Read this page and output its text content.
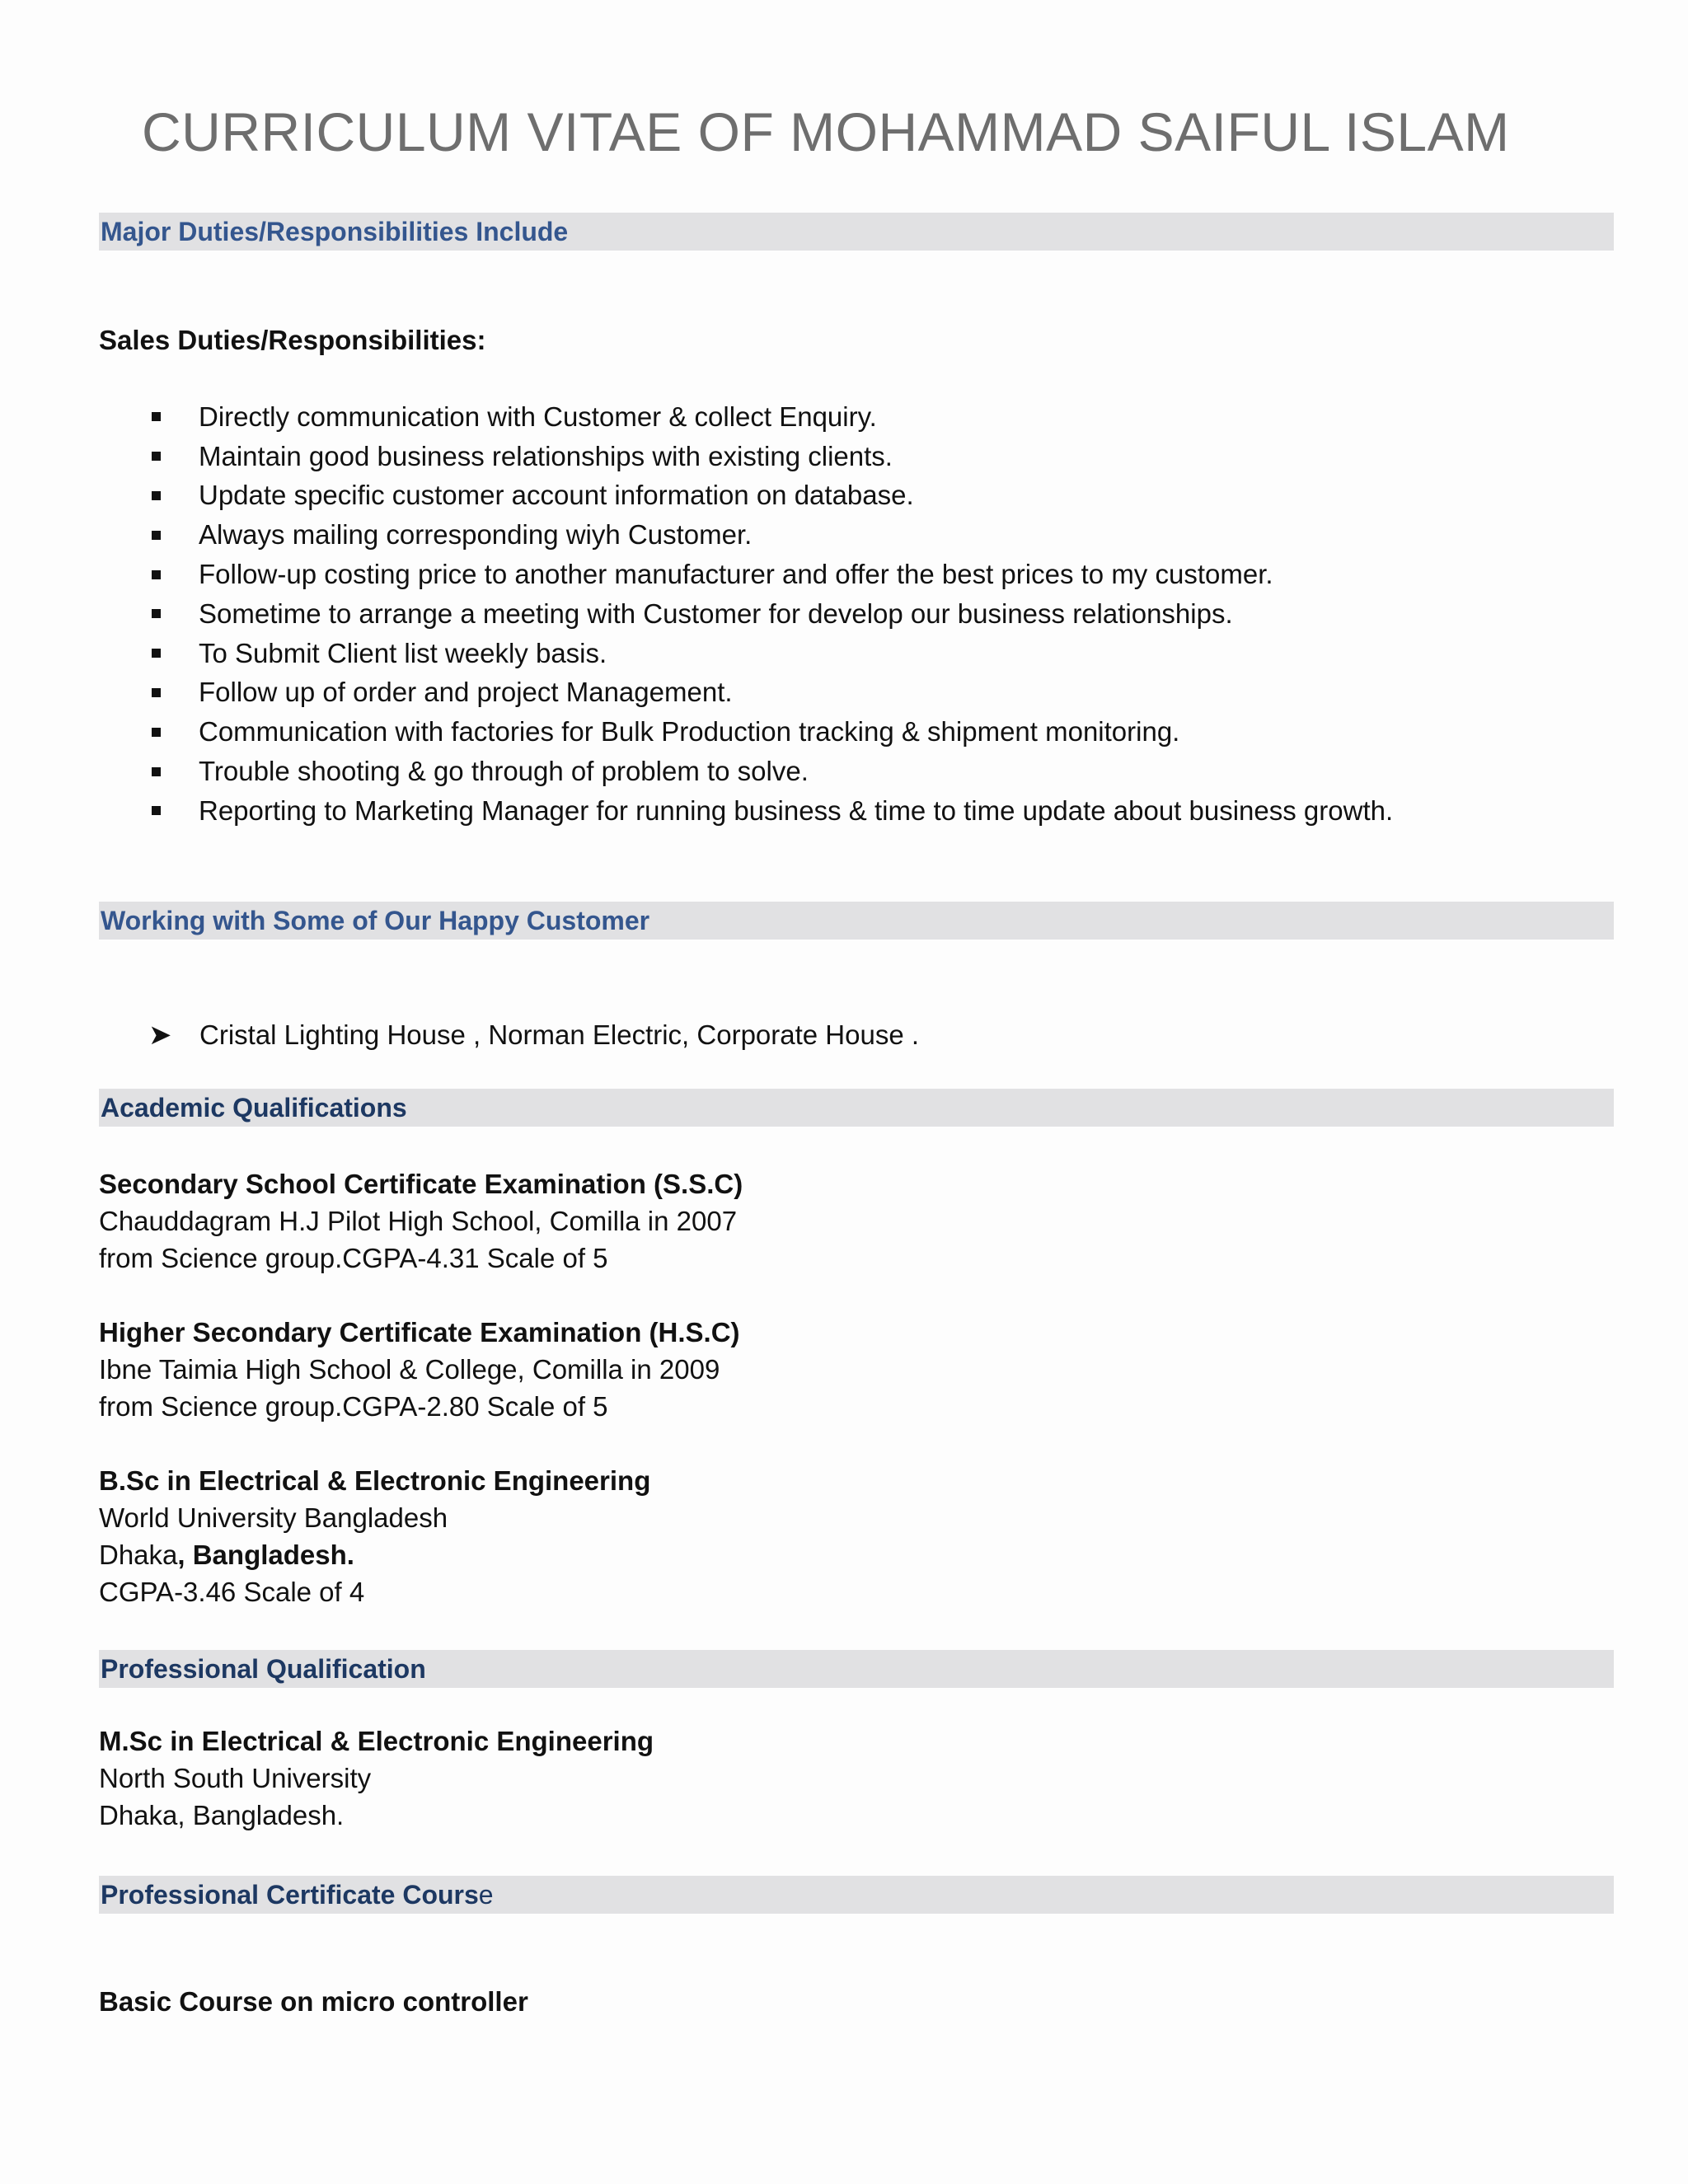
CURRICULUM VITAE OF MOHAMMAD SAIFUL ISLAM
Major Duties/Responsibilities Include
Sales Duties/Responsibilities:
Directly communication with Customer & collect Enquiry.
Maintain good business relationships with existing clients.
Update specific customer account information on database.
Always mailing corresponding wiyh Customer.
Follow-up costing price to another manufacturer and offer the best prices to my customer.
Sometime to arrange a meeting with Customer for develop our business relationships.
To Submit Client list weekly basis.
Follow up of order and project Management.
Communication with factories for Bulk Production tracking & shipment monitoring.
Trouble shooting & go through of problem to solve.
Reporting to Marketing Manager for running business & time to time update about business growth.
Working with Some of Our Happy Customer
➤	Cristal Lighting House , Norman Electric, Corporate House .
Academic Qualifications
Secondary School Certificate Examination (S.S.C)
Chauddagram H.J Pilot High School, Comilla in 2007
from Science group.CGPA-4.31 Scale of 5
Higher Secondary Certificate Examination (H.S.C)
Ibne Taimia High School & College, Comilla in 2009
from Science group.CGPA-2.80 Scale of 5
B.Sc in Electrical & Electronic Engineering
World University Bangladesh
Dhaka, Bangladesh.
CGPA-3.46 Scale of 4
Professional Qualification
M.Sc in Electrical & Electronic Engineering
North South University
Dhaka, Bangladesh.
Professional Certificate Course
Basic Course on micro controller
